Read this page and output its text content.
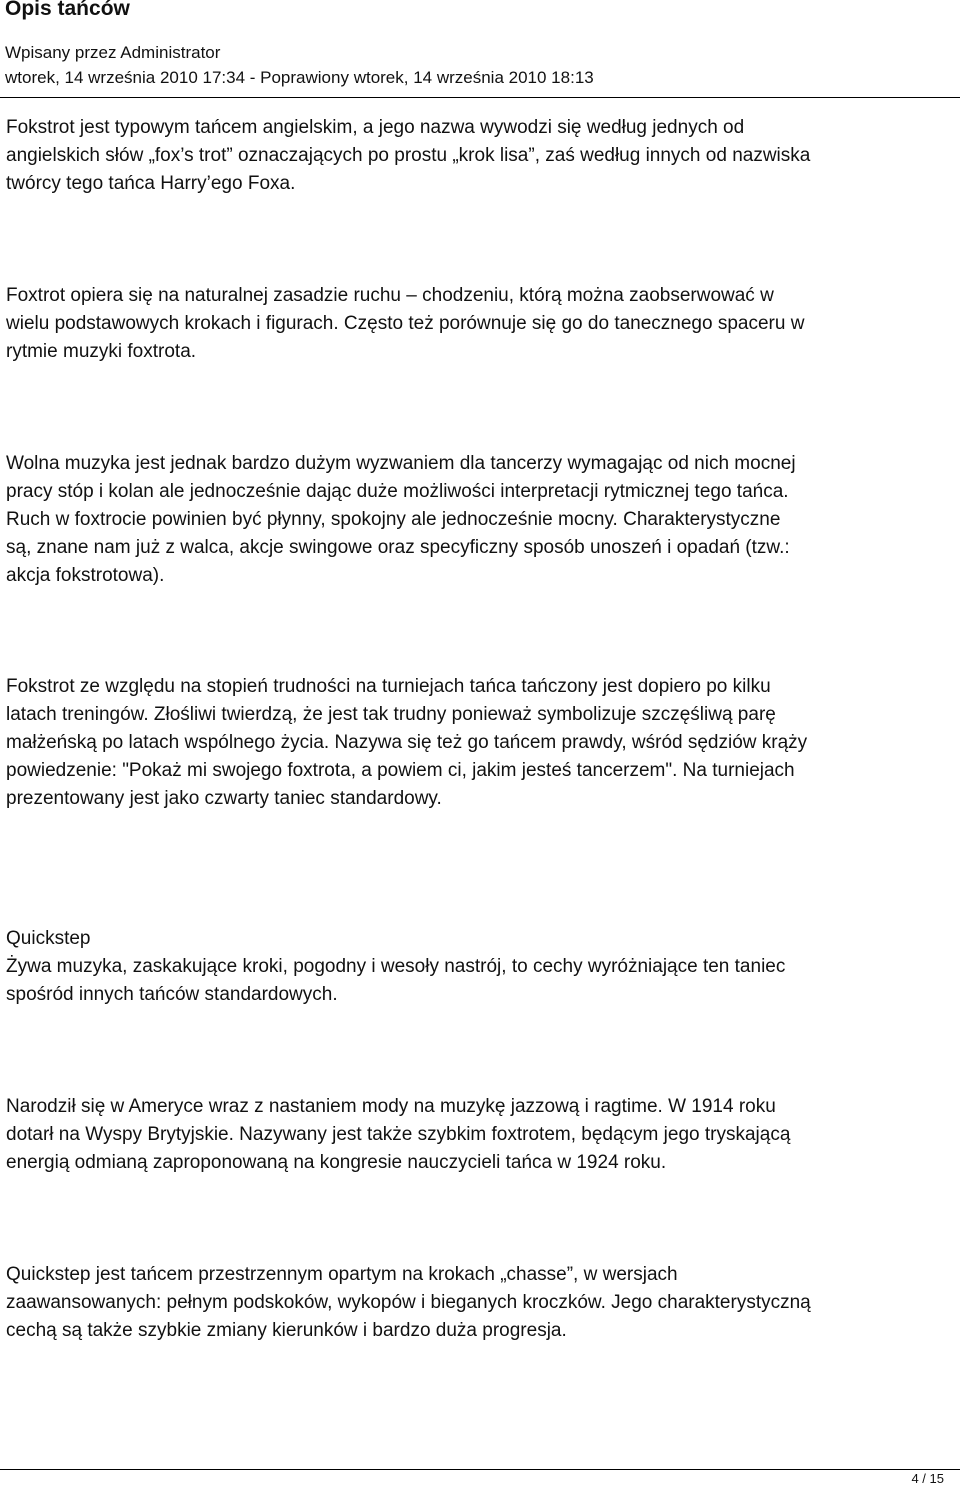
Opis tańców
Wpisany przez Administrator
wtorek, 14 września 2010 17:34 - Poprawiony wtorek, 14 września 2010 18:13

Fokstrot jest typowym tańcem angielskim, a jego nazwa wywodzi się według jednych od
angielskich słów „fox’s trot” oznaczających po prostu „krok lisa”, zaś według innych od nazwiska
twórcy tego tańca Harry’ego Foxa.

Foxtrot opiera się na naturalnej zasadzie ruchu – chodzeniu, którą można zaobserwować w
wielu podstawowych krokach i figurach. Często też porównuje się go do tanecznego spaceru w
rytmie muzyki foxtrota.

Wolna muzyka jest jednak bardzo dużym wyzwaniem dla tancerzy wymagając od nich mocnej
pracy stóp i kolan ale jednocześnie dając duże możliwości interpretacji rytmicznej tego tańca.
Ruch w foxtrocie powinien być płynny, spokojny ale jednocześnie mocny. Charakterystyczne
są, znane nam już z walca, akcje swingowe oraz specyficzny sposób unoszeń i opadań (tzw.:
akcja fokstrotowa).

Fokstrot ze względu na stopień trudności na turniejach tańca tańczony jest dopiero po kilku
latach treningów. Złośliwi twierdzą, że jest tak trudny ponieważ symbolizuje szczęśliwą parę
małżeńską po latach wspólnego życia. Nazywa się też go tańcem prawdy, wśród sędziów krąży
powiedzenie: "Pokaż mi swojego foxtrota, a powiem ci, jakim jesteś tancerzem". Na turniejach
prezentowany jest jako czwarty taniec standardowy.

Quickstep
Żywa muzyka, zaskakujące kroki, pogodny i wesoły nastrój, to cechy wyróżniające ten taniec
spośród innych tańców standardowych.

Narodził się w Ameryce wraz z nastaniem mody na muzykę jazzową i ragtime. W 1914 roku
dotarł na Wyspy Brytyjskie. Nazywany jest także szybkim foxtrotem, będącym jego tryskającą
energią odmianą zaproponowaną na kongresie nauczycieli tańca w 1924 roku.

Quickstep jest tańcem przestrzennym opartym na krokach „chasse”, w wersjach
zaawansowanych: pełnym podskoków, wykopów i bieganych kroczków. Jego charakterystyczną
cechą są także szybkie zmiany kierunków i bardzo duża progresja.

4 / 15
